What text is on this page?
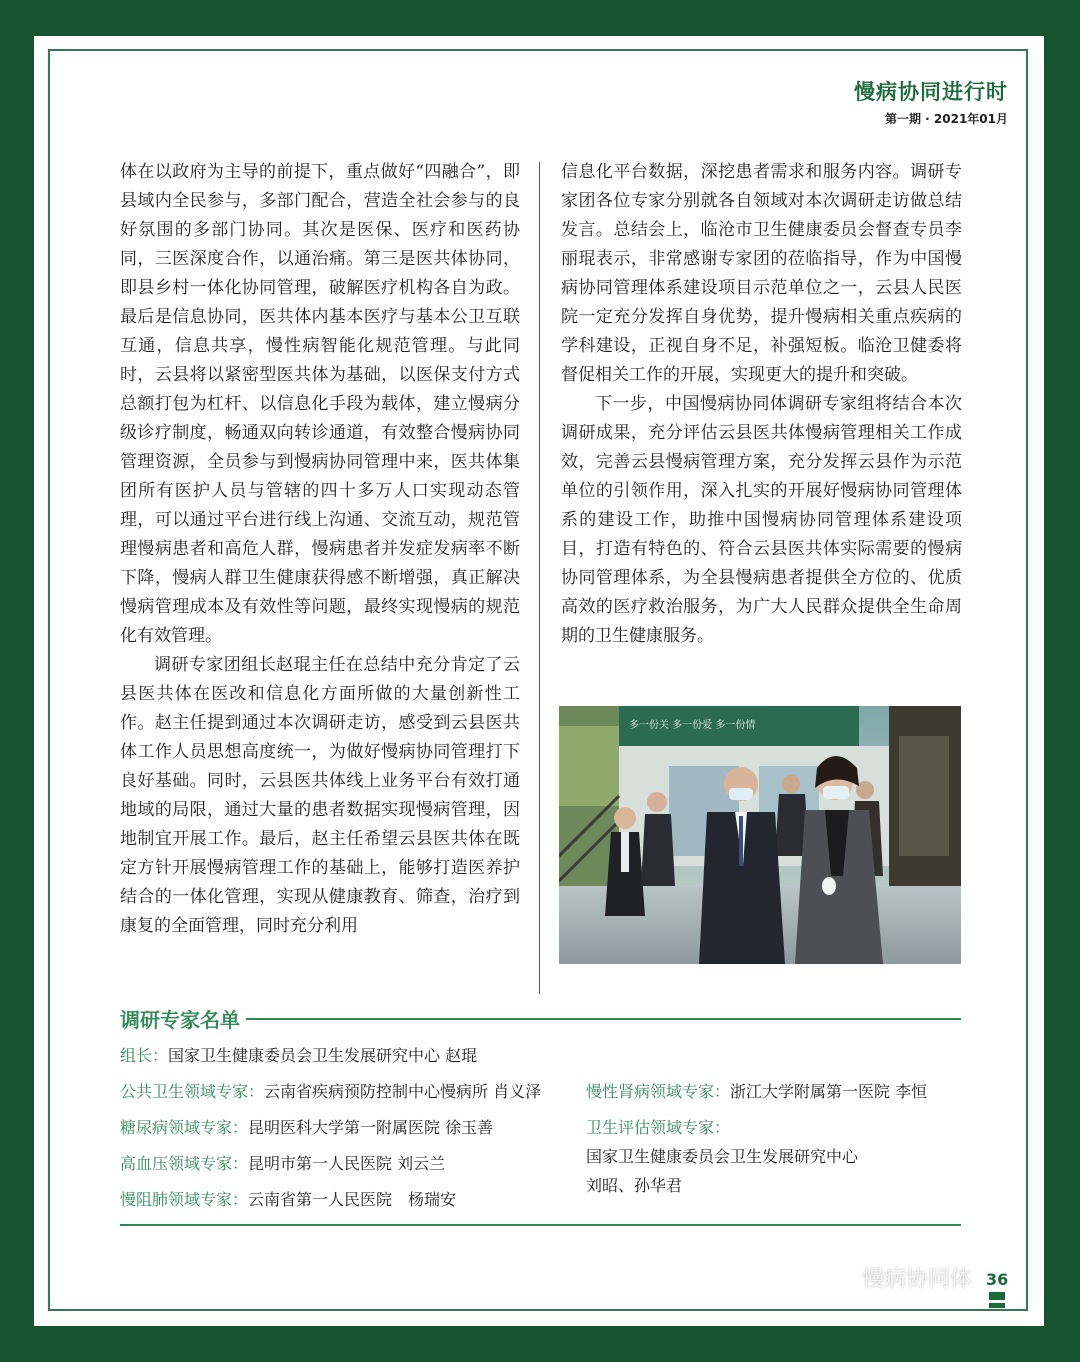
慢病协同进行时
第一期 · 2021年01月

体在以政府为主导的前提下，重点做好“四融合”，即县域内全民参与，多部门配合，营造全社会参与的良好氛围的多部门协同。其次是医保、医疗和医药协同，三医深度合作，以通治痛。第三是医共体协同，即县乡村一体化协同管理，破解医疗机构各自为政。最后是信息协同，医共体内基本医疗与基本公卫互联互通，信息共享，慢性病智能化规范管理。与此同时，云县将以紧密型医共体为基础，以医保支付方式总额打包为杠杆、以信息化手段为载体，建立慢病分级诊疗制度，畅通双向转诊通道，有效整合慢病协同管理资源，全员参与到慢病协同管理中来，医共体集团所有医护人员与管辖的四十多万人口实现动态管理，可以通过平台进行线上沟通、交流互动，规范管理慢病患者和高危人群，慢病患者并发症发病率不断下降，慢病人群卫生健康获得感不断增强，真正解决慢病管理成本及有效性等问题，最终实现慢病的规范化有效管理。

调研专家团组长赵琨主任在总结中充分肯定了云县医共体在医改和信息化方面所做的大量创新性工作。赵主任提到通过本次调研走访，感受到云县医共体工作人员思想高度统一，为做好慢病协同管理打下良好基础。同时，云县医共体线上业务平台有效打通地域的局限，通过大量的患者数据实现慢病管理，因地制宜开展工作。最后，赵主任希望云县医共体在既定方针开展慢病管理工作的基础上，能够打造医养护结合的一体化管理，实现从健康教育、筛查，治疗到康复的全面管理，同时充分利用

信息化平台数据，深挖患者需求和服务内容。调研专家团各位专家分别就各自领域对本次调研走访做总结发言。总结会上，临沧市卫生健康委员会督查专员李丽琨表示，非常感谢专家团的莅临指导，作为中国慢病协同管理体系建设项目示范单位之一，云县人民医院一定充分发挥自身优势，提升慢病相关重点疾病的学科建设，正视自身不足，补强短板。临沧卫健委将督促相关工作的开展，实现更大的提升和突破。

下一步，中国慢病协同体调研专家组将结合本次调研成果，充分评估云县医共体慢病管理相关工作成效，完善云县慢病管理方案，充分发挥云县作为示范单位的引领作用，深入扎实的开展好慢病协同管理体系的建设工作，助推中国慢病协同管理体系建设项目，打造有特色的、符合云县医共体实际需要的慢病协同管理体系，为全县慢病患者提供全方位的、优质高效的医疗救治服务，为广大人民群众提供全生命周期的卫生健康服务。

多一份关 多一份爱 多一份情
调研专家名单
组长：国家卫生健康委员会卫生发展研究中心 赵琨
公共卫生领域专家：云南省疾病预防控制中心慢病所 肖义泽	慢性肾病领域专家：浙江大学附属第一医院 李恒
糖尿病领域专家：昆明医科大学第一附属医院 徐玉善	卫生评估领域专家：
国家卫生健康委员会卫生发展研究中心
刘昭、孙华君
高血压领域专家：昆明市第一人民医院 刘云兰
慢阻肺领域专家：云南省第一人民医院　杨瑞安
36
慢病协同体
